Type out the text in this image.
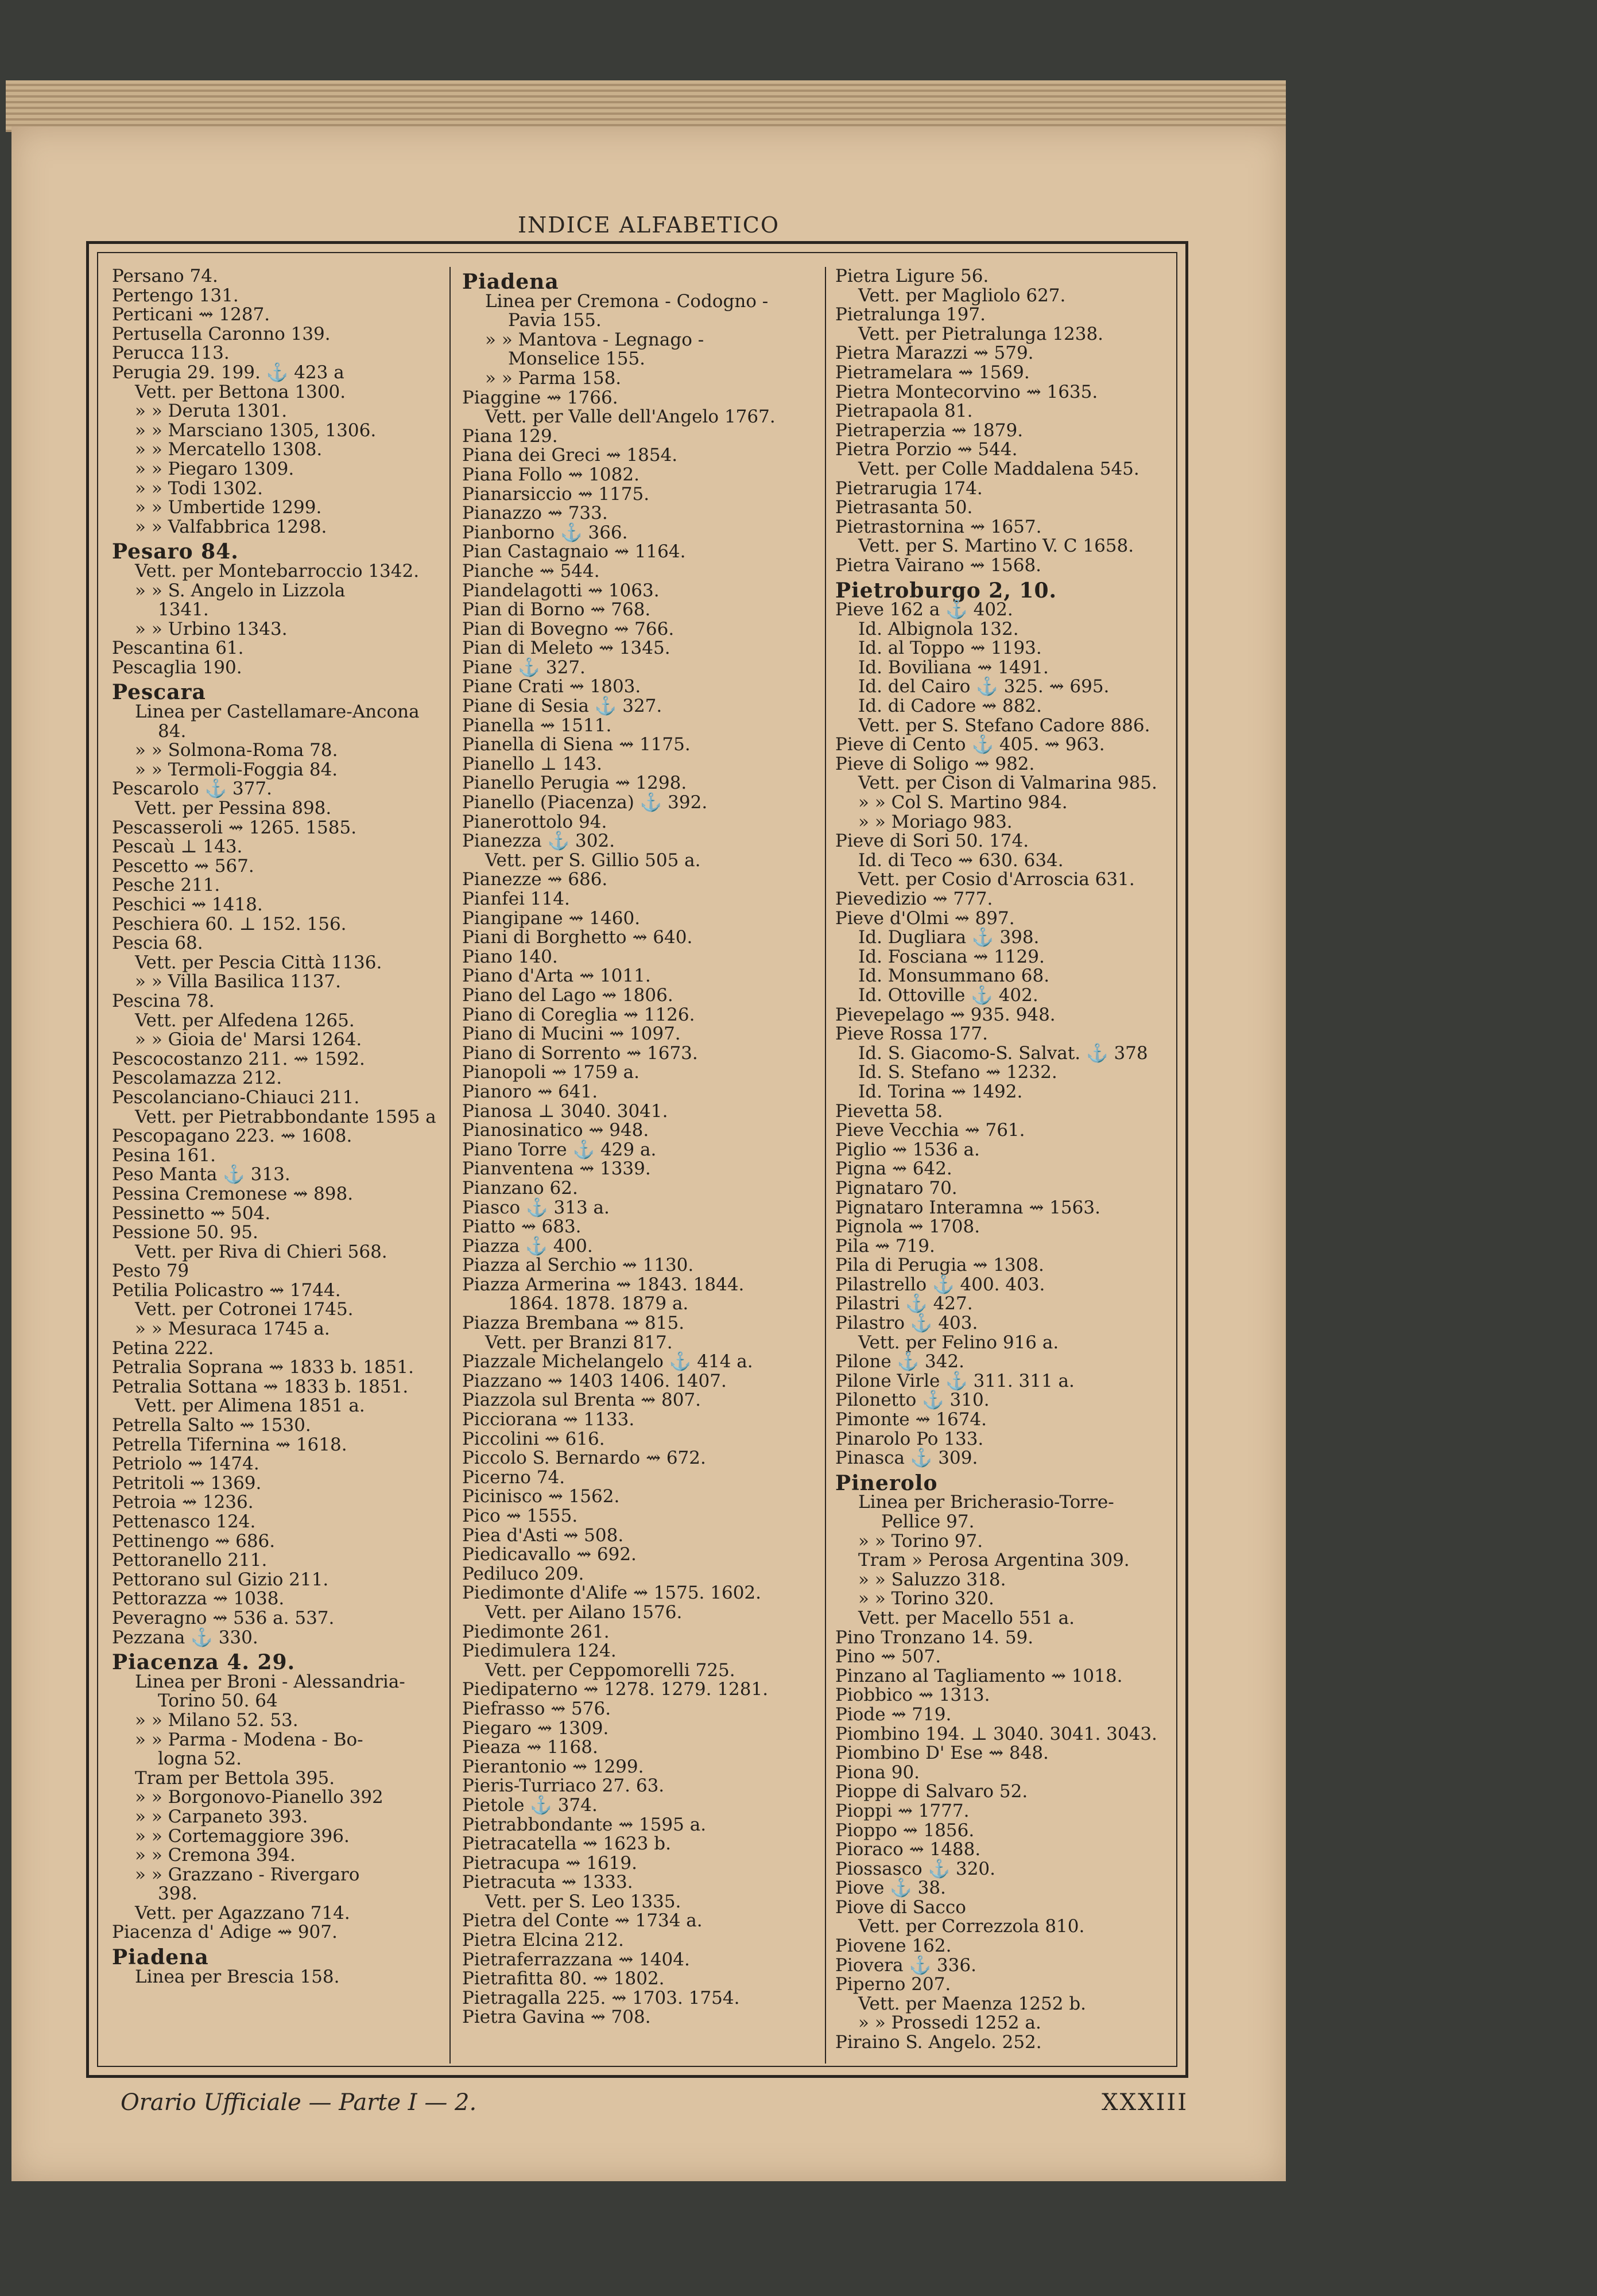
INDICE ALFABETICO
Persano 74.
Pertengo 131.
Perticani ⇝ 1287.
Pertusella Caronno 139.
Perucca 113.
Perugia 29. 199. ⚓ 423 a
Vett. per Bettona 1300.
» » Deruta 1301.
» » Marsciano 1305, 1306.
» » Mercatello 1308.
» » Piegaro 1309.
» » Todi 1302.
» » Umbertide 1299.
» » Valfabbrica 1298.
Pesaro 84.
Vett. per Montebarroccio 1342.
» » S. Angelo in Lizzola
1341.
» » Urbino 1343.
Pescantina 61.
Pescaglia 190.
Pescara
Linea per Castellamare-Ancona
84.
» » Solmona-Roma 78.
» » Termoli-Foggia 84.
Pescarolo ⚓ 377.
Vett. per Pessina 898.
Pescasseroli ⇝ 1265. 1585.
Pescaù ⊥ 143.
Pescetto ⇝ 567.
Pesche 211.
Peschici ⇝ 1418.
Peschiera 60. ⊥ 152. 156.
Pescia 68.
Vett. per Pescia Città 1136.
» » Villa Basilica 1137.
Pescina 78.
Vett. per Alfedena 1265.
» » Gioia de' Marsi 1264.
Pescocostanzo 211. ⇝ 1592.
Pescolamazza 212.
Pescolanciano-Chiauci 211.
Vett. per Pietrabbondante 1595 a
Pescopagano 223. ⇝ 1608.
Pesina 161.
Peso Manta ⚓ 313.
Pessina Cremonese ⇝ 898.
Pessinetto ⇝ 504.
Pessione 50. 95.
Vett. per Riva di Chieri 568.
Pesto 79
Petilia Policastro ⇝ 1744.
Vett. per Cotronei 1745.
» » Mesuraca 1745 a.
Petina 222.
Petralia Soprana ⇝ 1833 b. 1851.
Petralia Sottana ⇝ 1833 b. 1851.
Vett. per Alimena 1851 a.
Petrella Salto ⇝ 1530.
Petrella Tifernina ⇝ 1618.
Petriolo ⇝ 1474.
Petritoli ⇝ 1369.
Petroia ⇝ 1236.
Pettenasco 124.
Pettinengo ⇝ 686.
Pettoranello 211.
Pettorano sul Gizio 211.
Pettorazza ⇝ 1038.
Peveragno ⇝ 536 a. 537.
Pezzana ⚓ 330.
Piacenza 4. 29.
Linea per Broni - Alessandria-
Torino 50. 64
» » Milano 52. 53.
» » Parma - Modena - Bo-
logna 52.
Tram per Bettola 395.
» » Borgonovo-Pianello 392
» » Carpaneto 393.
» » Cortemaggiore 396.
» » Cremona 394.
» » Grazzano - Rivergaro
398.
Vett. per Agazzano 714.
Piacenza d' Adige ⇝ 907.
Piadena
Linea per Brescia 158.
Piadena
Linea per Cremona - Codogno -
Pavia 155.
» » Mantova - Legnago -
Monselice 155.
» » Parma 158.
Piaggine ⇝ 1766.
Vett. per Valle dell'Angelo 1767.
Piana 129.
Piana dei Greci ⇝ 1854.
Piana Follo ⇝ 1082.
Pianarsiccio ⇝ 1175.
Pianazzo ⇝ 733.
Pianborno ⚓ 366.
Pian Castagnaio ⇝ 1164.
Pianche ⇝ 544.
Piandelagotti ⇝ 1063.
Pian di Borno ⇝ 768.
Pian di Bovegno ⇝ 766.
Pian di Meleto ⇝ 1345.
Piane ⚓ 327.
Piane Crati ⇝ 1803.
Piane di Sesia ⚓ 327.
Pianella ⇝ 1511.
Pianella di Siena ⇝ 1175.
Pianello ⊥ 143.
Pianello Perugia ⇝ 1298.
Pianello (Piacenza) ⚓ 392.
Pianerottolo 94.
Pianezza ⚓ 302.
Vett. per S. Gillio 505 a.
Pianezze ⇝ 686.
Pianfei 114.
Piangipane ⇝ 1460.
Piani di Borghetto ⇝ 640.
Piano 140.
Piano d'Arta ⇝ 1011.
Piano del Lago ⇝ 1806.
Piano di Coreglia ⇝ 1126.
Piano di Mucini ⇝ 1097.
Piano di Sorrento ⇝ 1673.
Pianopoli ⇝ 1759 a.
Pianoro ⇝ 641.
Pianosa ⊥ 3040. 3041.
Pianosinatico ⇝ 948.
Piano Torre ⚓ 429 a.
Pianventena ⇝ 1339.
Pianzano 62.
Piasco ⚓ 313 a.
Piatto ⇝ 683.
Piazza ⚓ 400.
Piazza al Serchio ⇝ 1130.
Piazza Armerina ⇝ 1843. 1844.
1864. 1878. 1879 a.
Piazza Brembana ⇝ 815.
Vett. per Branzi 817.
Piazzale Michelangelo ⚓ 414 a.
Piazzano ⇝ 1403 1406. 1407.
Piazzola sul Brenta ⇝ 807.
Picciorana ⇝ 1133.
Piccolini ⇝ 616.
Piccolo S. Bernardo ⇝ 672.
Picerno 74.
Picinisco ⇝ 1562.
Pico ⇝ 1555.
Piea d'Asti ⇝ 508.
Piedicavallo ⇝ 692.
Pediluco 209.
Piedimonte d'Alife ⇝ 1575. 1602.
Vett. per Ailano 1576.
Piedimonte 261.
Piedimulera 124.
Vett. per Ceppomorelli 725.
Piedipaterno ⇝ 1278. 1279. 1281.
Piefrasso ⇝ 576.
Piegaro ⇝ 1309.
Pieaza ⇝ 1168.
Pierantonio ⇝ 1299.
Pieris-Turriaco 27. 63.
Pietole ⚓ 374.
Pietrabbondante ⇝ 1595 a.
Pietracatella ⇝ 1623 b.
Pietracupa ⇝ 1619.
Pietracuta ⇝ 1333.
Vett. per S. Leo 1335.
Pietra del Conte ⇝ 1734 a.
Pietra Elcina 212.
Pietraferrazzana ⇝ 1404.
Pietrafitta 80. ⇝ 1802.
Pietragalla 225. ⇝ 1703. 1754.
Pietra Gavina ⇝ 708.
Pietra Ligure 56.
Vett. per Magliolo 627.
Pietralunga 197.
Vett. per Pietralunga 1238.
Pietra Marazzi ⇝ 579.
Pietramelara ⇝ 1569.
Pietra Montecorvino ⇝ 1635.
Pietrapaola 81.
Pietraperzia ⇝ 1879.
Pietra Porzio ⇝ 544.
Vett. per Colle Maddalena 545.
Pietrarugia 174.
Pietrasanta 50.
Pietrastornina ⇝ 1657.
Vett. per S. Martino V. C 1658.
Pietra Vairano ⇝ 1568.
Pietroburgo 2, 10.
Pieve 162 a ⚓ 402.
Id. Albignola 132.
Id. al Toppo ⇝ 1193.
Id. Boviliana ⇝ 1491.
Id. del Cairo ⚓ 325. ⇝ 695.
Id. di Cadore ⇝ 882.
Vett. per S. Stefano Cadore 886.
Pieve di Cento ⚓ 405. ⇝ 963.
Pieve di Soligo ⇝ 982.
Vett. per Cison di Valmarina 985.
» » Col S. Martino 984.
» » Moriago 983.
Pieve di Sori 50. 174.
Id. di Teco ⇝ 630. 634.
Vett. per Cosio d'Arroscia 631.
Pievedizio ⇝ 777.
Pieve d'Olmi ⇝ 897.
Id. Dugliara ⚓ 398.
Id. Fosciana ⇝ 1129.
Id. Monsummano 68.
Id. Ottoville ⚓ 402.
Pievepelago ⇝ 935. 948.
Pieve Rossa 177.
Id. S. Giacomo-S. Salvat. ⚓ 378
Id. S. Stefano ⇝ 1232.
Id. Torina ⇝ 1492.
Pievetta 58.
Pieve Vecchia ⇝ 761.
Piglio ⇝ 1536 a.
Pigna ⇝ 642.
Pignataro 70.
Pignataro Interamna ⇝ 1563.
Pignola ⇝ 1708.
Pila ⇝ 719.
Pila di Perugia ⇝ 1308.
Pilastrello ⚓ 400. 403.
Pilastri ⚓ 427.
Pilastro ⚓ 403.
Vett. per Felino 916 a.
Pilone ⚓ 342.
Pilone Virle ⚓ 311. 311 a.
Pilonetto ⚓ 310.
Pimonte ⇝ 1674.
Pinarolo Po 133.
Pinasca ⚓ 309.
Pinerolo
Linea per Bricherasio-Torre-
Pellice 97.
» » Torino 97.
Tram » Perosa Argentina 309.
» » Saluzzo 318.
» » Torino 320.
Vett. per Macello 551 a.
Pino Tronzano 14. 59.
Pino ⇝ 507.
Pinzano al Tagliamento ⇝ 1018.
Piobbico ⇝ 1313.
Piode ⇝ 719.
Piombino 194. ⊥ 3040. 3041. 3043.
Piombino D' Ese ⇝ 848.
Piona 90.
Pioppe di Salvaro 52.
Pioppi ⇝ 1777.
Pioppo ⇝ 1856.
Pioraco ⇝ 1488.
Piossasco ⚓ 320.
Piove ⚓ 38.
Piove di Sacco
Vett. per Correzzola 810.
Piovene 162.
Piovera ⚓ 336.
Piperno 207.
Vett. per Maenza 1252 b.
» » Prossedi 1252 a.
Piraino S. Angelo. 252.
Orario Ufficiale — Parte I — 2.	XXXIII
